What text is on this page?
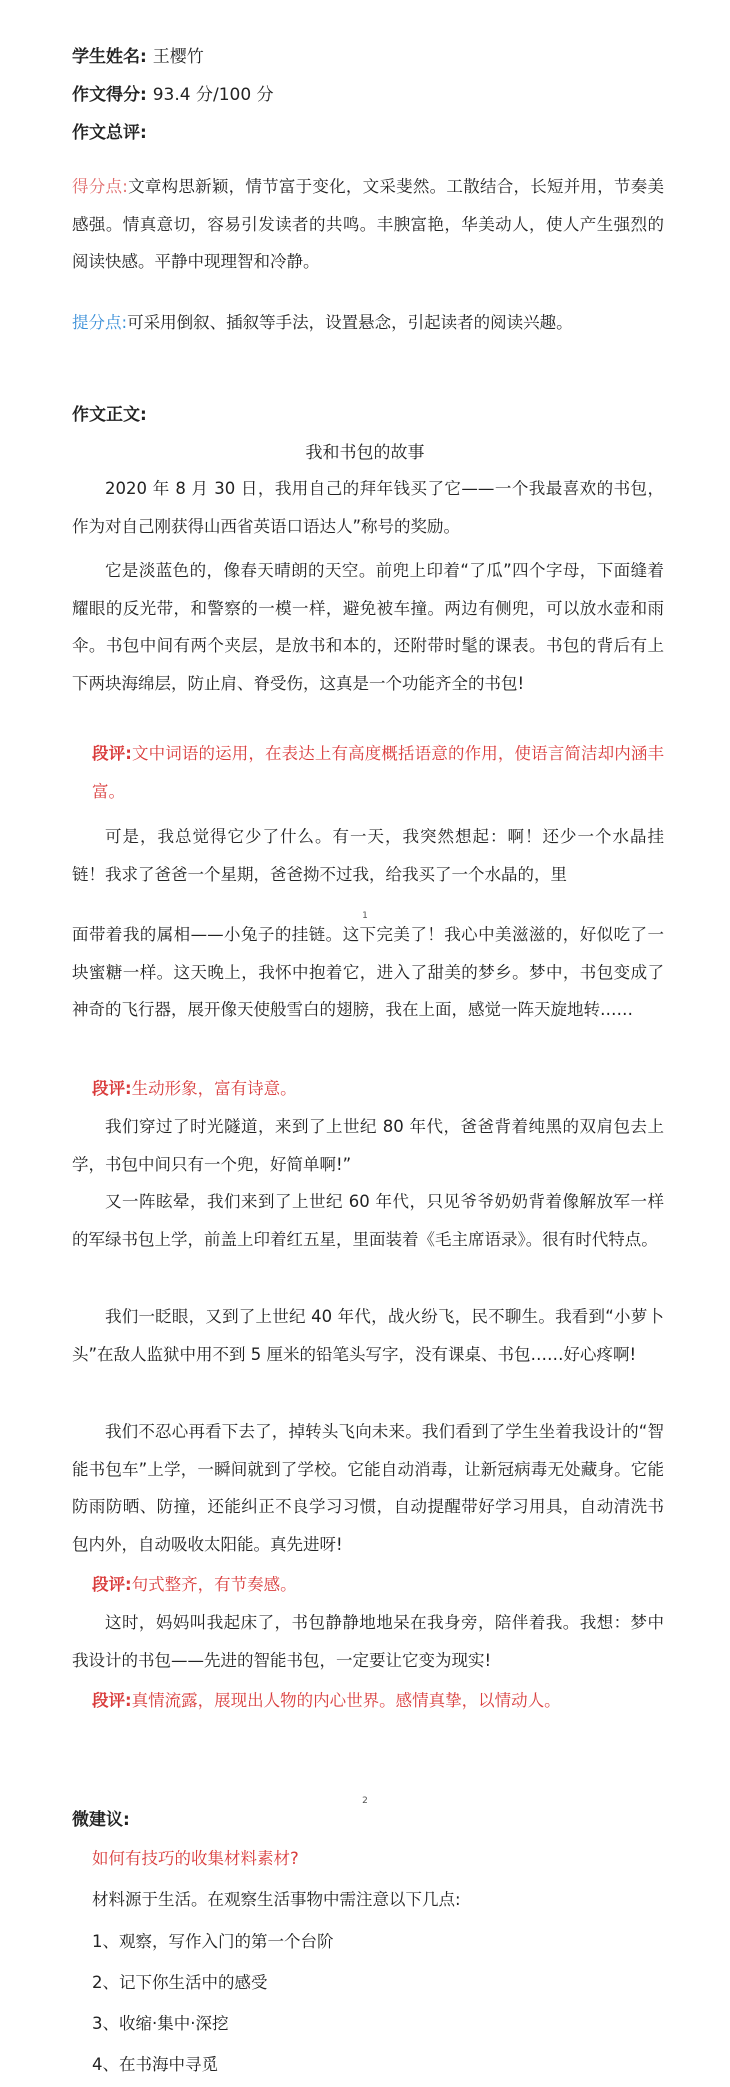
学生姓名: 王樱竹
作文得分: 93.4 分/100 分
作文总评:

得分点:文章构思新颖，情节富于变化，文采斐然。工散结合，长短并用，节奏美感强。情真意切，容易引发读者的共鸣。丰腴富艳，华美动人，使人产生强烈的阅读快感。平静中现理智和冷静。

提分点:可采用倒叙、插叙等手法，设置悬念，引起读者的阅读兴趣。

作文正文:
我和书包的故事

2020 年 8 月 30 日，我用自己的拜年钱买了它——一个我最喜欢的书包，作为对自己刚获得山西省英语口语达人”称号的奖励。

它是淡蓝色的，像春天晴朗的天空。前兜上印着“了瓜”四个字母，下面缝着耀眼的反光带，和警察的一模一样，避免被车撞。两边有侧兜，可以放水壶和雨伞。书包中间有两个夹层，是放书和本的，还附带时髦的课表。书包的背后有上下两块海绵层，防止肩、脊受伤，这真是一个功能齐全的书包!

段评:文中词语的运用，在表达上有高度概括语意的作用，使语言简洁却内涵丰富。

可是，我总觉得它少了什么。有一天，我突然想起：啊！还少一个水晶挂链！我求了爸爸一个星期，爸爸拗不过我，给我买了一个水晶的，里

1

面带着我的属相——小兔子的挂链。这下完美了！我心中美滋滋的，好似吃了一块蜜糖一样。这天晚上，我怀中抱着它，进入了甜美的梦乡。梦中，书包变成了神奇的飞行器，展开像天使般雪白的翅膀，我在上面，感觉一阵天旋地转……

段评:生动形象，富有诗意。

我们穿过了时光隧道，来到了上世纪 80 年代，爸爸背着纯黑的双肩包去上学，书包中间只有一个兜，好简单啊!”

又一阵眩晕，我们来到了上世纪 60 年代，只见爷爷奶奶背着像解放军一样的军绿书包上学，前盖上印着红五星，里面装着《毛主席语录》。很有时代特点。

我们一眨眼，又到了上世纪 40 年代，战火纷飞，民不聊生。我看到“小萝卜头”在敌人监狱中用不到 5 厘米的铅笔头写字，没有课桌、书包……好心疼啊!

我们不忍心再看下去了，掉转头飞向未来。我们看到了学生坐着我设计的“智能书包车”上学，一瞬间就到了学校。它能自动消毒，让新冠病毒无处藏身。它能防雨防晒、防撞，还能纠正不良学习习惯，自动提醒带好学习用具，自动清洗书包内外，自动吸收太阳能。真先进呀!

段评:句式整齐，有节奏感。

这时，妈妈叫我起床了，书包静静地地呆在我身旁，陪伴着我。我想：梦中我设计的书包——先进的智能书包，一定要让它变为现实!

段评:真情流露，展现出人物的内心世界。感情真挚，以情动人。

2
微建议:
如何有技巧的收集材料素材?
材料源于生活。在观察生活事物中需注意以下几点:
1、观察，写作入门的第一个台阶
2、记下你生活中的感受
3、收缩·集中·深挖
4、在书海中寻觅
